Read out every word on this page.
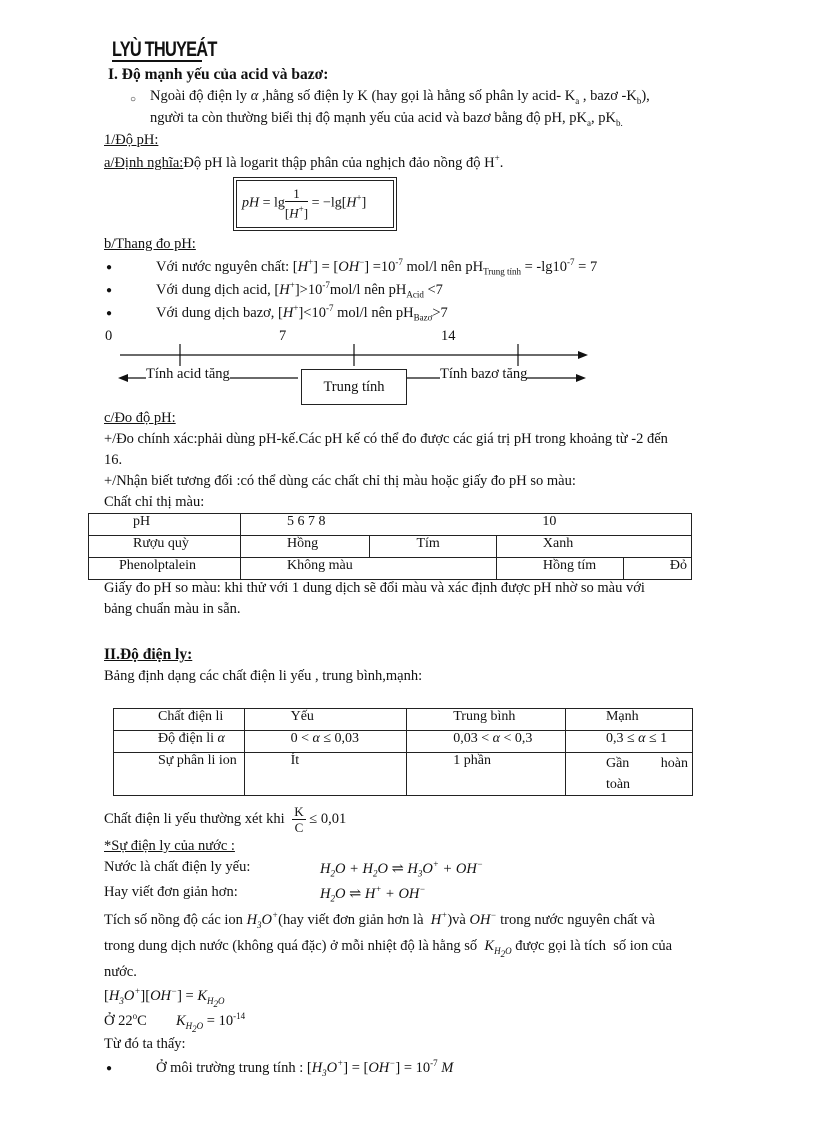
LYÙ THUYEÁT
I. Độ mạnh yếu của acid và bazơ:
○ Ngoài độ điện ly α ,hằng số điện ly K (hay gọi là hằng số phân ly acid- $K_a$ , bazơ $-K_b$),
người ta còn thường biểi thị độ mạnh yếu của acid và bazơ bằng độ pH, $pK_a$, $pK_{b.}$
1/Độ pH:
a/Định nghĩa:Độ pH là logarit thập phân của nghịch đảo nồng độ H+.
pH = $\lg \frac{1}{[H^+]} = -\lg[H^+]$
b/Thang đo pH:
●	Với nước nguyên chất: $[H^+] = [OH^-] =10^{-7}$ mol/l nên $pH_{Trung tính} = -\lg 10^{-7} = 7$
●	Với dung dịch acid, $[H^+]>10^{-7}mol/l$ nên $pH_{Acid} <7$
●	Với dung dịch bazơ, $[H^+]<10^{-7}$ mol/l nên $pH_{Bazơ}>7$
0	7	14
Tính acid tăng	Tính bazơ tăng
Trung tính
c/Đo độ pH:
+/Đo chính xác:phải dùng pH-kế.Các pH kế có thể đo được các giá trị pH trong khoảng từ -2 đến
16.
+/Nhận biết tương đối :có thể dùng các chất chỉ thị màu hoặc giấy đo pH so màu:
Chất chỉ thị màu:
pH	5 6 7 8		10	
Rượu quỳ	Hồng	Tím	Xanh	
Phenolptalein	Không màu		Hồng tím	Đỏ
Giấy đo pH so màu: khi thử với 1 dung dịch sẽ đổi màu và xác định được pH nhờ so màu với
bảng chuẩn màu in sẵn.
II.Độ điện ly:
Bảng định dạng các chất điện li yếu , trung bình,mạnh:
Chất điện li	Yếu	Trung bình	Mạnh
Độ điện li α	0 < α ≤ 0,03	0,03 < α < 0,3	0,3 ≤ α ≤ 1
Sự phân li ion	Ít	1 phần	Gần         hoàn
toàn
Chất điện li yếu thường xét khi $\frac{K}{C} \le 0,01$
*Sự điện ly của nước :
Nước là chất điện ly yếu:	$H_2O + H_2O$ ⇌ $H_3O^+ + OH^-$
Hay viết đơn giản hơn:	$H_2O$ ⇌ H+ + OH−
Tích số nồng độ các ion $H_3O^+(hay$ viết đơn giản hơn là  H+)và OH− trong nước nguyên chất và
trong dung dịch nước (không quá đặc) ở mỗi nhiệt độ là hằng số  $K_{H_2O}$ được gọi là tích  số ion của
nước.
$[H_3O^+][OH^-] = K_{H_2O}$
Ở 22$^o$C $K_{H_2O} = 10^{-14}$
Từ đó ta thấy:
●	Ở môi trường trung tính : $[H_3O^+] = [OH^-] = 10^{-7}$ M
